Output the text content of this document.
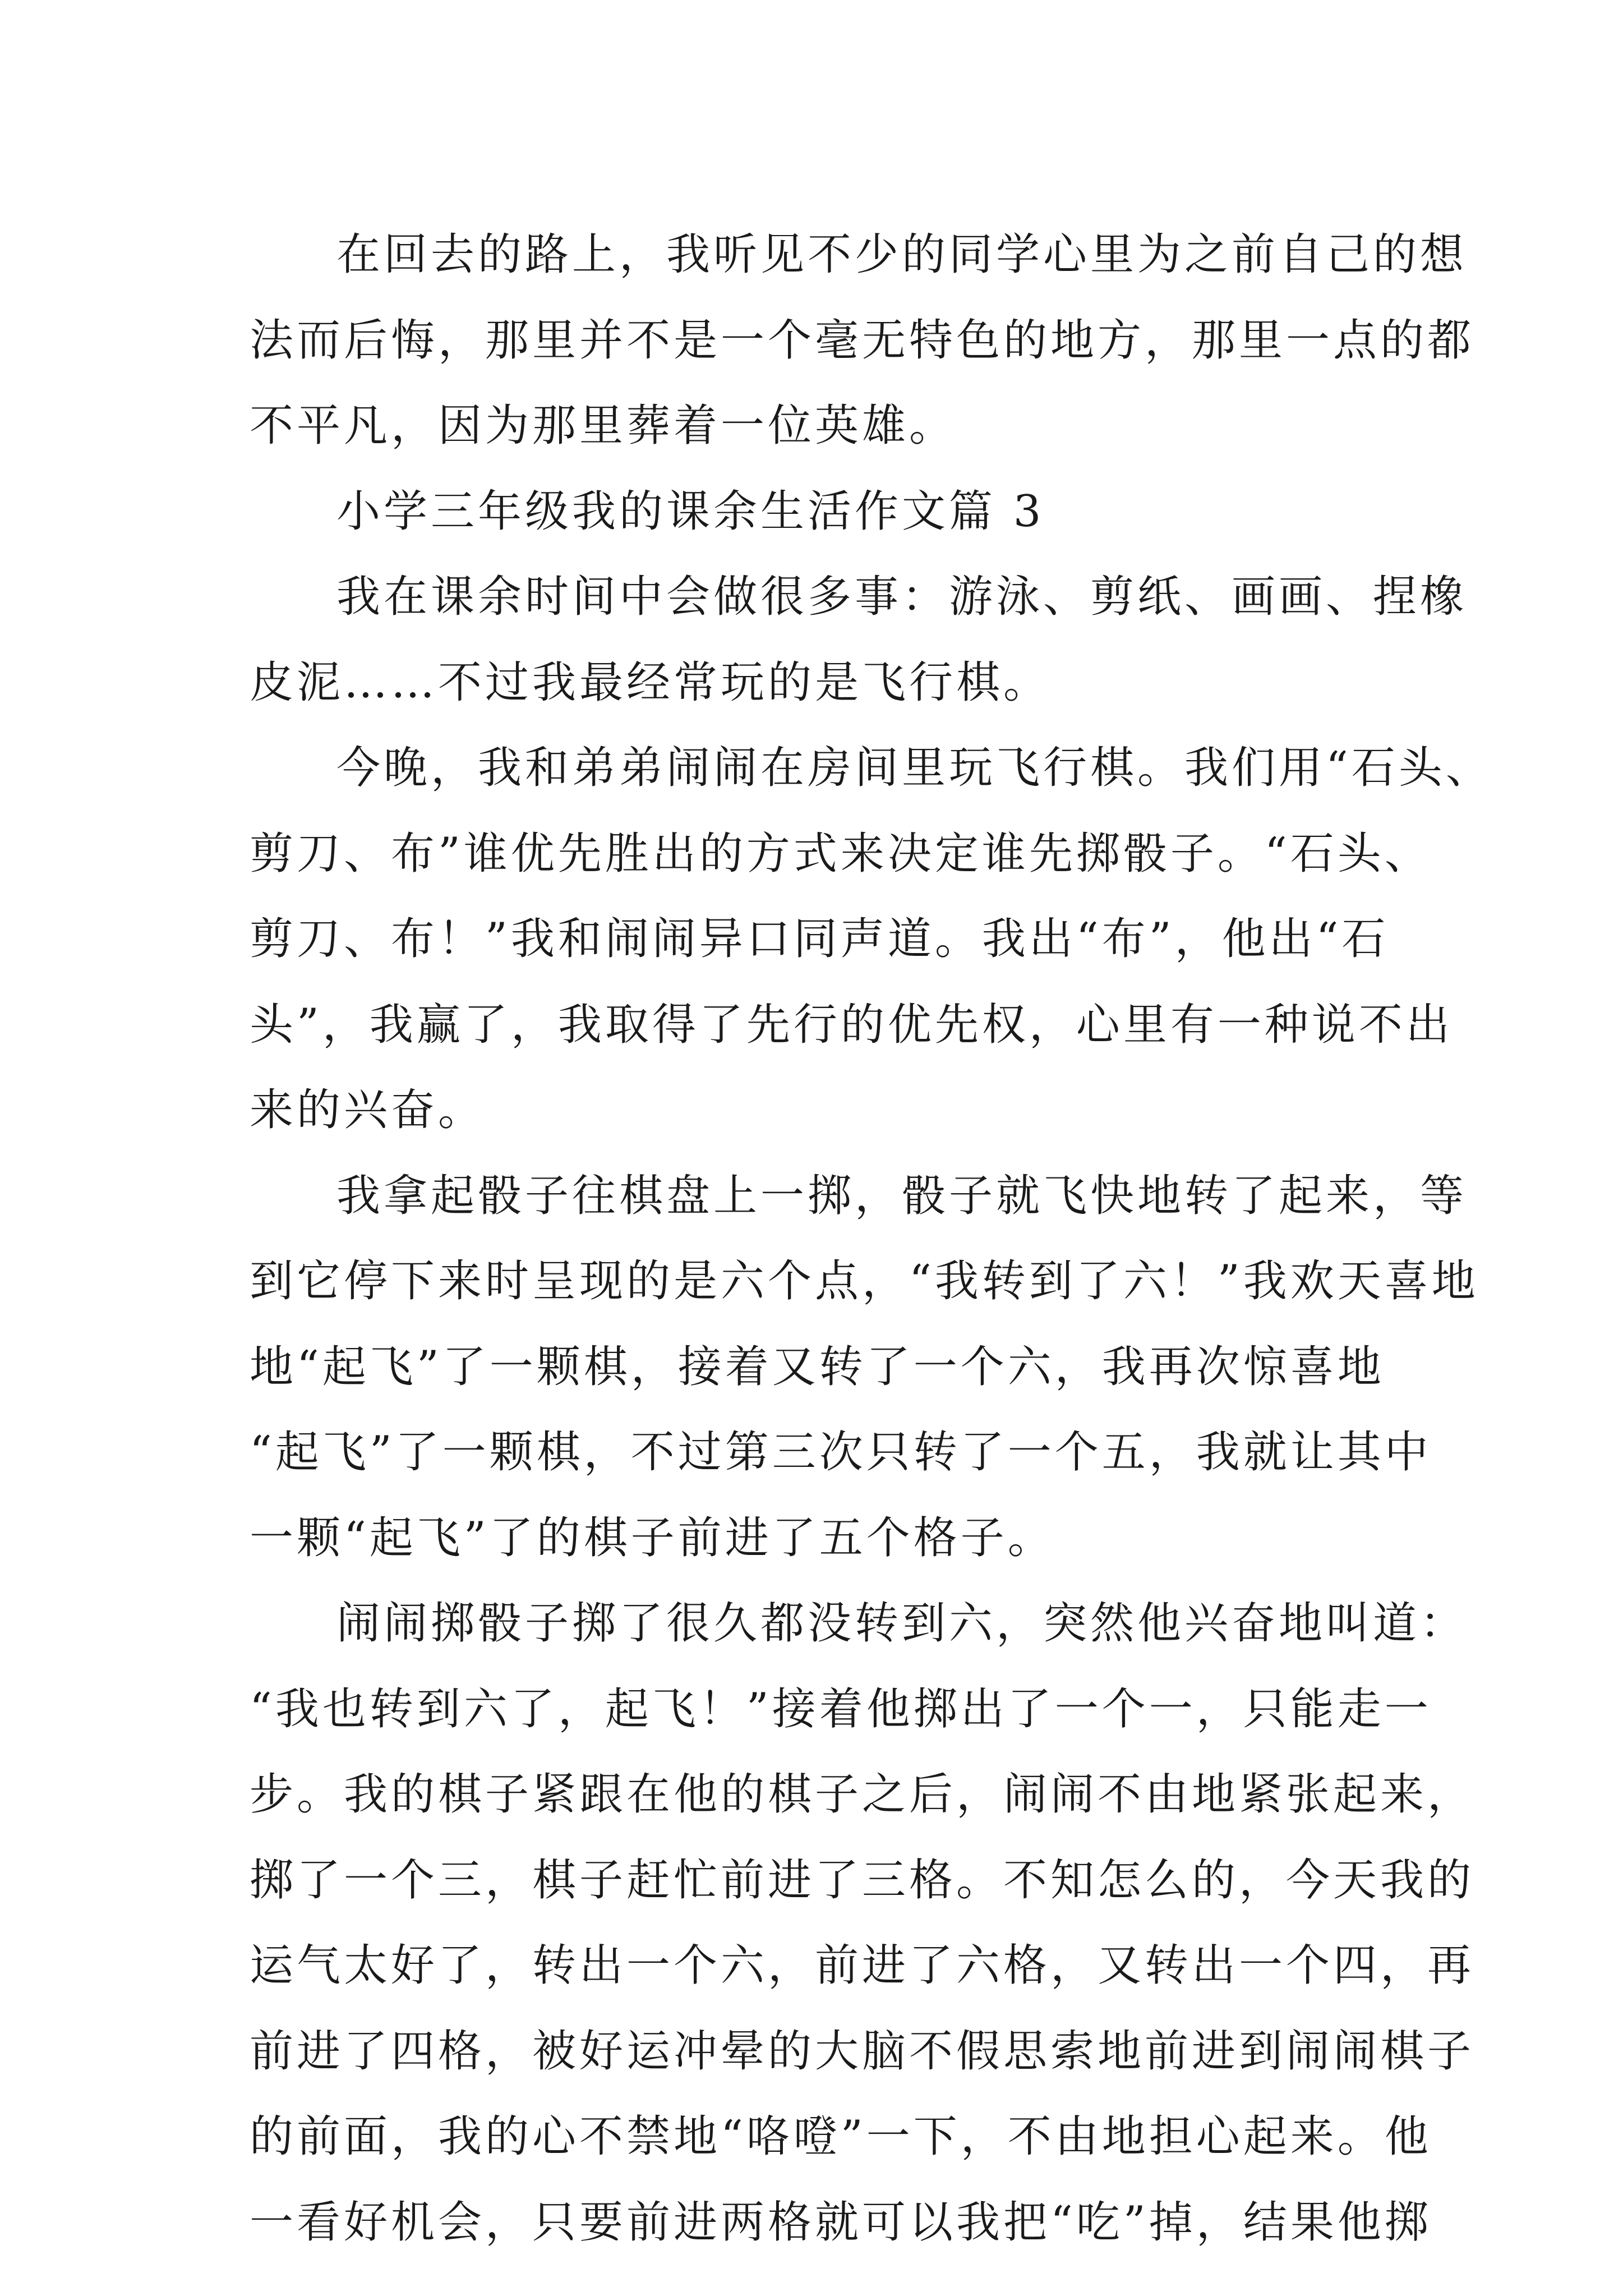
在回去的路上，我听见不少的同学心里为之前自己的想
法而后悔，那里并不是一个毫无特色的地方，那里一点的都
不平凡，因为那里葬着一位英雄。
小学三年级我的课余生活作文篇 3
我在课余时间中会做很多事：游泳、剪纸、画画、捏橡
皮泥……不过我最经常玩的是飞行棋。
今晚，我和弟弟闹闹在房间里玩飞行棋。我们用“石头、
剪刀、布”谁优先胜出的方式来决定谁先掷骰子。“石头、
剪刀、布！”我和闹闹异口同声道。我出“布”，他出“石
头”，我赢了，我取得了先行的优先权，心里有一种说不出
来的兴奋。
我拿起骰子往棋盘上一掷，骰子就飞快地转了起来，等
到它停下来时呈现的是六个点，“我转到了六！”我欢天喜地
地“起飞”了一颗棋，接着又转了一个六，我再次惊喜地
“起飞”了一颗棋，不过第三次只转了一个五，我就让其中
一颗“起飞”了的棋子前进了五个格子。
闹闹掷骰子掷了很久都没转到六，突然他兴奋地叫道：
“我也转到六了，起飞！”接着他掷出了一个一，只能走一
步。我的棋子紧跟在他的棋子之后，闹闹不由地紧张起来，
掷了一个三，棋子赶忙前进了三格。不知怎么的，今天我的
运气太好了，转出一个六，前进了六格，又转出一个四，再
前进了四格，被好运冲晕的大脑不假思索地前进到闹闹棋子
的前面，我的心不禁地“咯噔”一下，不由地担心起来。他
一看好机会，只要前进两格就可以我把“吃”掉，结果他掷
